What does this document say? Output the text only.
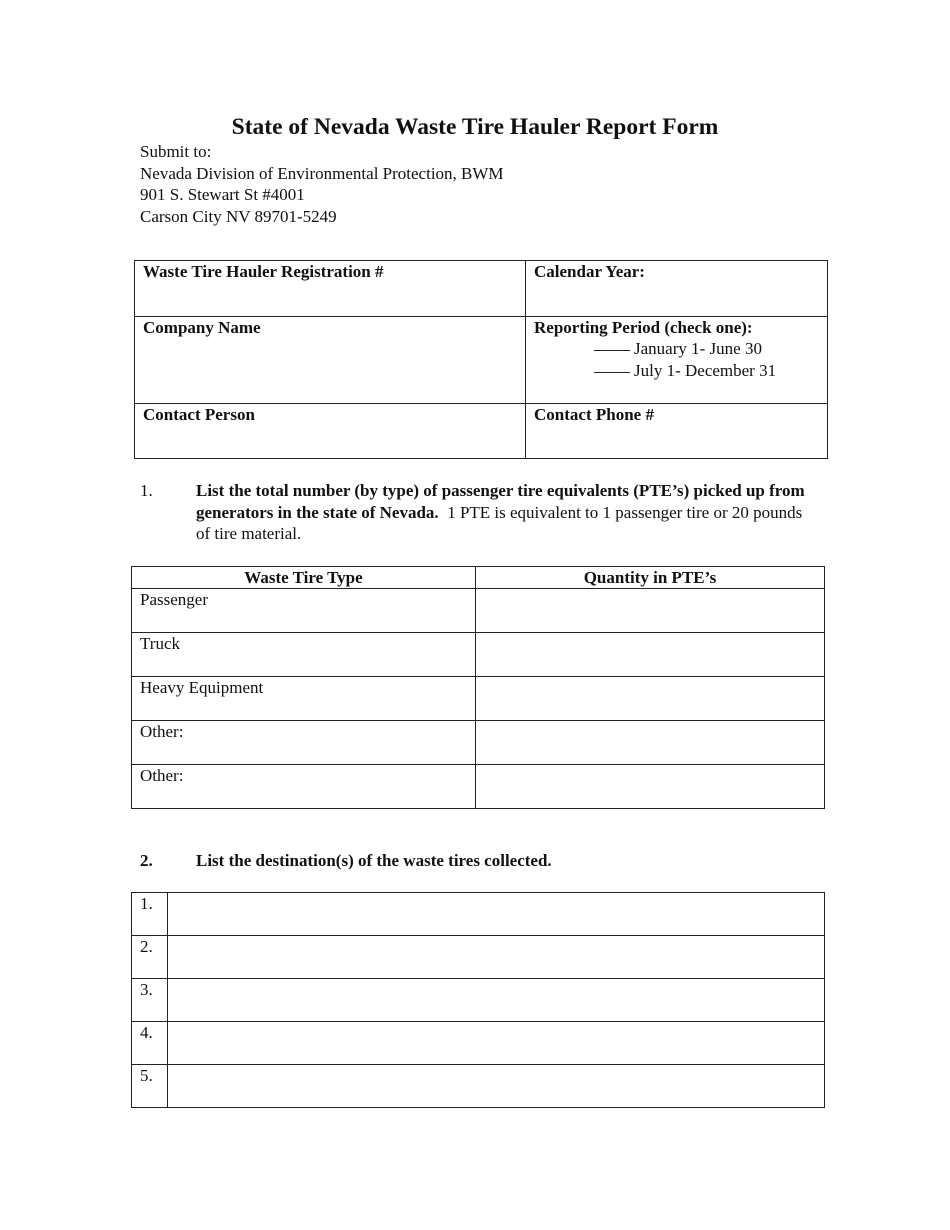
State of Nevada Waste Tire Hauler Report Form
Submit to:
Nevada Division of Environmental Protection, BWM
901 S. Stewart St #4001
Carson City NV 89701-5249
Waste Tire Hauler Registration #	Calendar Year:

Company Name	Reporting Period (check one):
January 1- June 30
July 1- December 31

Contact Person	Contact Phone #
1.	List the total number (by type) of passenger tire equivalents (PTE’s) picked up from generators in the state of Nevada. 1 PTE is equivalent to 1 passenger tire or 20 pounds of tire material.
Waste Tire Type	Quantity in PTE’s
Passenger	
Truck	
Heavy Equipment	
Other:	
Other:	
2.	List the destination(s) of the waste tires collected.
1.	
2.	
3.	
4.	
5.	
